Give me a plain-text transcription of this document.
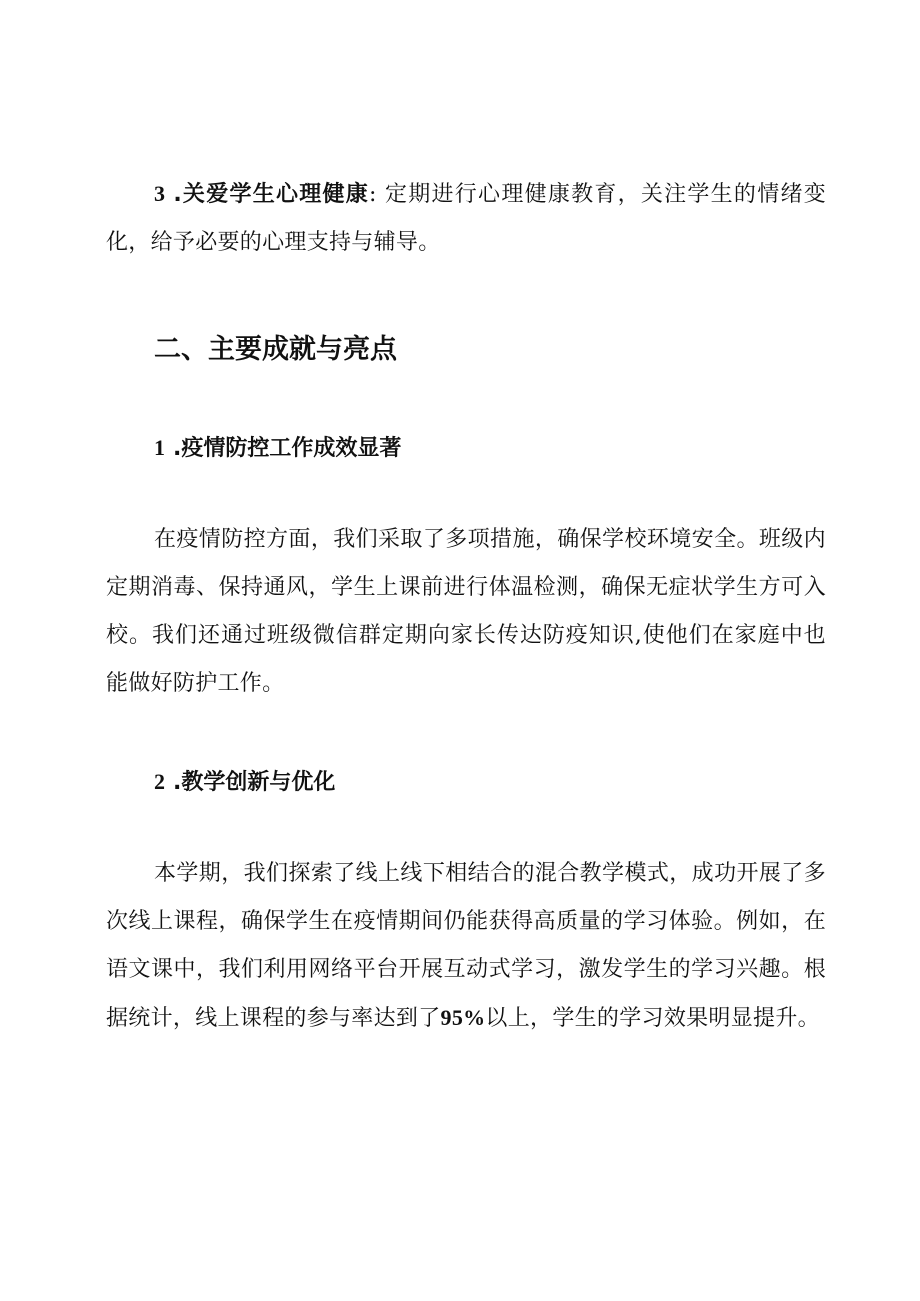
3 .关爱学生心理健康: 定期进行心理健康教育，关注学生的情绪变化，给予必要的心理支持与辅导。
二、主要成就与亮点
1 .疫情防控工作成效显著
在疫情防控方面，我们采取了多项措施，确保学校环境安全。班级内定期消毒、保持通风，学生上课前进行体温检测，确保无症状学生方可入校。我们还通过班级微信群定期向家长传达防疫知识,使他们在家庭中也能做好防护工作。
2 .教学创新与优化
本学期，我们探索了线上线下相结合的混合教学模式，成功开展了多次线上课程，确保学生在疫情期间仍能获得高质量的学习体验。例如，在语文课中，我们利用网络平台开展互动式学习，激发学生的学习兴趣。根据统计，线上课程的参与率达到了95%以上，学生的学习效果明显提升。
